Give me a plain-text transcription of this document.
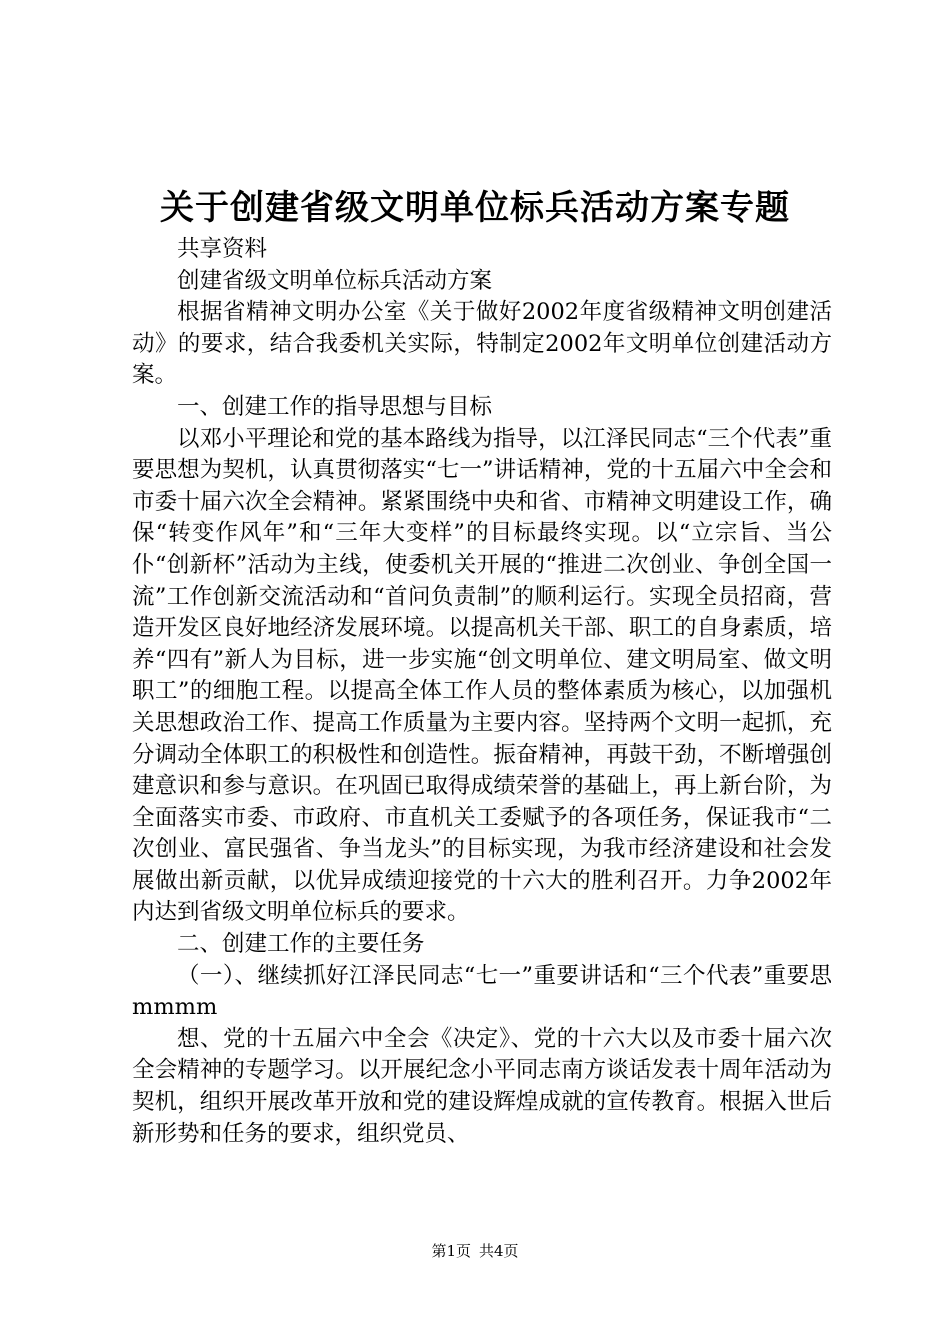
关于创建省级文明单位标兵活动方案专题

共享资料

创建省级文明单位标兵活动方案

根据省精神文明办公室《关于做好2002年度省级精神文明创建活动》的要求，结合我委机关实际，特制定2002年文明单位创建活动方案。

一、创建工作的指导思想与目标

以邓小平理论和党的基本路线为指导，以江泽民同志“三个代表”重要思想为契机，认真贯彻落实“七一”讲话精神，党的十五届六中全会和市委十届六次全会精神。紧紧围绕中央和省、市精神文明建设工作，确保“转变作风年”和“三年大变样”的目标最终实现。以“立宗旨、当公仆“创新杯”活动为主线，使委机关开展的“推进二次创业、争创全国一流”工作创新交流活动和“首问负责制”的顺利运行。实现全员招商，营造开发区良好地经济发展环境。以提高机关干部、职工的自身素质，培养“四有”新人为目标，进一步实施“创文明单位、建文明局室、做文明职工”的细胞工程。以提高全体工作人员的整体素质为核心，以加强机关思想政治工作、提高工作质量为主要内容。坚持两个文明一起抓，充分调动全体职工的积极性和创造性。振奋精神，再鼓干劲，不断增强创建意识和参与意识。在巩固已取得成绩荣誉的基础上，再上新台阶，为全面落实市委、市政府、市直机关工委赋予的各项任务，保证我市“二次创业、富民强省、争当龙头”的目标实现，为我市经济建设和社会发展做出新贡献，以优异成绩迎接党的十六大的胜利召开。力争2002年内达到省级文明单位标兵的要求。

二、创建工作的主要任务

（一）、继续抓好江泽民同志“七一”重要讲话和“三个代表”重要思mmmm

想、党的十五届六中全会《决定》、党的十六大以及市委十届六次全会精神的专题学习。以开展纪念小平同志南方谈话发表十周年活动为契机，组织开展改革开放和党的建设辉煌成就的宣传教育。根据入世后新形势和任务的要求，组织党员、

第1页 共4页
